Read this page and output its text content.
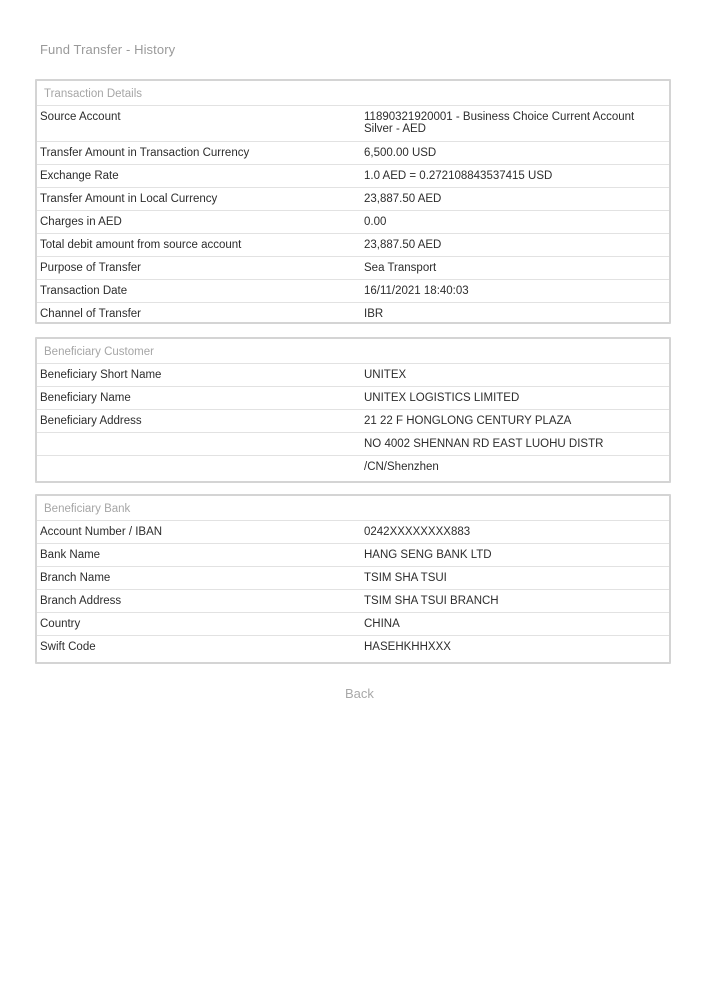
Fund Transfer - History
Transaction Details
Source Account	11890321920001 - Business Choice Current Account Silver - AED
Transfer Amount in Transaction Currency	6,500.00 USD
Exchange Rate	1.0 AED = 0.272108843537415 USD
Transfer Amount in Local Currency	23,887.50 AED
Charges in AED	0.00
Total debit amount from source account	23,887.50 AED
Purpose of Transfer	Sea Transport
Transaction Date	16/11/2021 18:40:03
Channel of Transfer	IBR
Beneficiary Customer
Beneficiary Short Name	UNITEX
Beneficiary Name	UNITEX LOGISTICS LIMITED
Beneficiary Address	21 22 F HONGLONG CENTURY PLAZA
NO 4002 SHENNAN RD EAST LUOHU DISTR
/CN/Shenzhen
Beneficiary Bank
Account Number / IBAN	0242XXXXXXXX883
Bank Name	HANG SENG BANK LTD
Branch Name	TSIM SHA TSUI
Branch Address	TSIM SHA TSUI BRANCH
Country	CHINA
Swift Code	HASEHKHHXXX
Back
